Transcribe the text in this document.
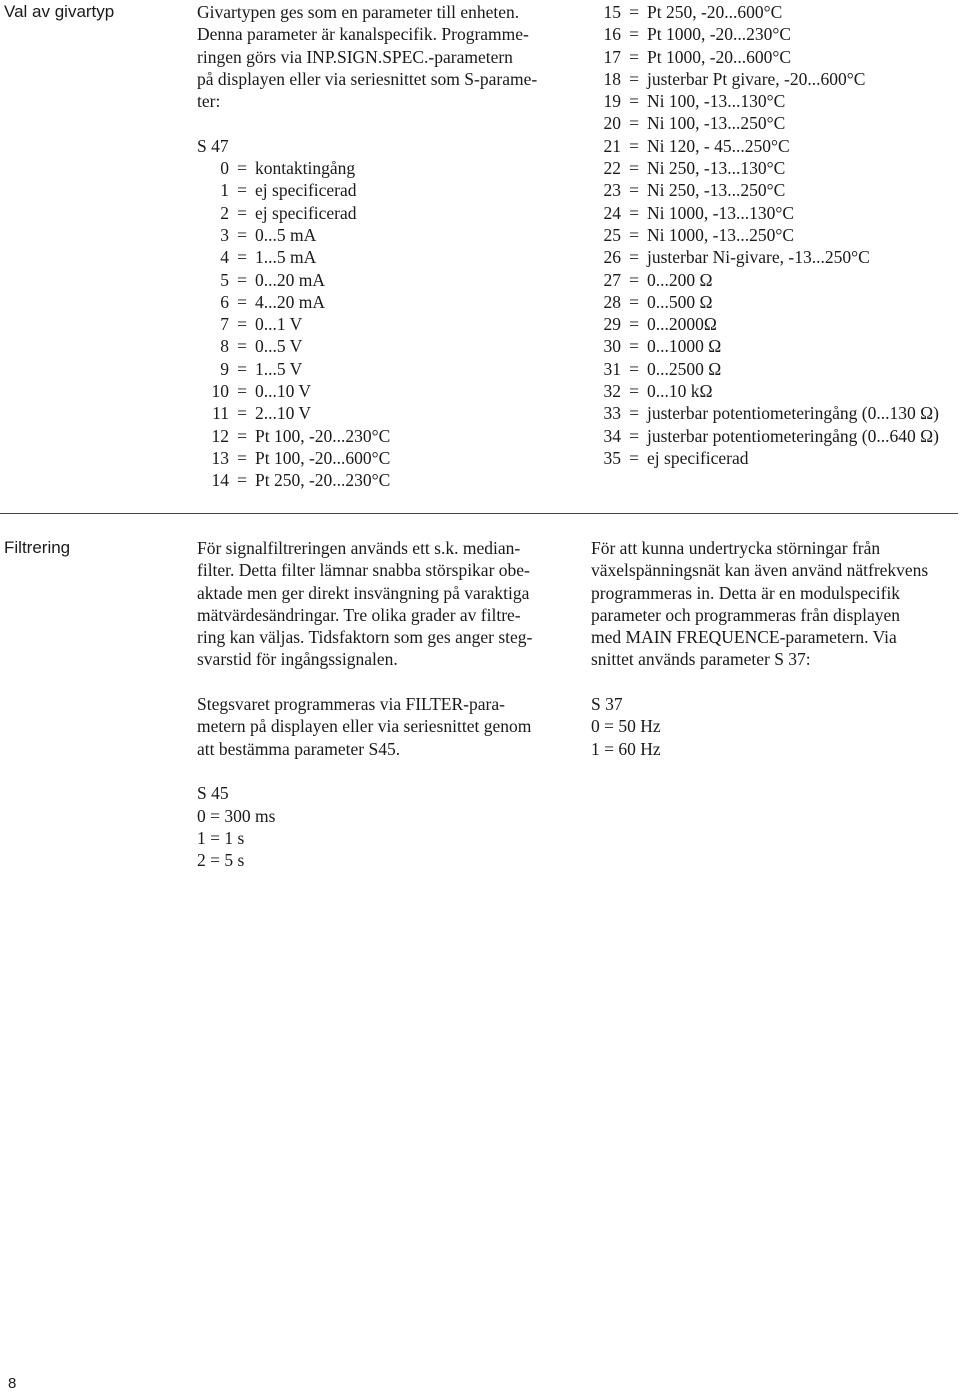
Val av givartyp	Givartypen ges som en parameter till enheten.

Denna parameter är kanalspecifik. Programme-

ringen görs via INP.SIGN.SPEC.-parametern

på displayen eller via seriesnittet som S-parame-

ter:

S 47

0 = kontaktingång
1 = ej specificerad
2 = ej specificerad
3 = 0...5 mA
4 = 1...5 mA
5 = 0...20 mA
6 = 4...20 mA
7 = 0...1 V
8 = 0...5 V
9 = 1...5 V
10 = 0...10 V
11 = 2...10 V
12 = Pt 100, -20...230°C
13 = Pt 100, -20...600°C
14 = Pt 250, -20...230°C
15 = Pt 250, -20...600°C
16 = Pt 1000, -20...230°C
17 = Pt 1000, -20...600°C
18 = justerbar Pt givare, -20...600°C
19 = Ni 100, -13...130°C
20 = Ni 100, -13...250°C
21 = Ni 120, - 45...250°C
22 = Ni 250, -13...130°C
23 = Ni 250, -13...250°C
24 = Ni 1000, -13...130°C
25 = Ni 1000, -13...250°C
26 = justerbar Ni-givare, -13...250°C
27 = 0...200 Ω
28 = 0...500 Ω
29 = 0...2000Ω
30 = 0...1000 Ω
31 = 0...2500 Ω
32 = 0...10 kΩ
33 = justerbar potentiometeringång (0...130 Ω)
34 = justerbar potentiometeringång (0...640 Ω)
35 = ej specificerad
Filtrering	För signalfiltreringen används ett s.k. median-

filter. Detta filter lämnar snabba störspikar obe-

aktade men ger direkt insvängning på varaktiga

mätvärdesändringar. Tre olika grader av filtre-

ring kan väljas. Tidsfaktorn som ges anger steg-

svarstid för ingångssignalen.

Stegsvaret programmeras via FILTER-para-

metern på displayen eller via seriesnittet genom

att bestämma parameter S45.

S 45

0 = 300 ms

1 = 1 s

2 = 5 s

För att kunna undertrycka störningar från

växelspänningsnät kan även använd nätfrekvens

programmeras in. Detta är en modulspecifik

parameter och programmeras från displayen

med MAIN FREQUENCE-parametern. Via

snittet används parameter S 37:

S 37

0 = 50 Hz

1 = 60 Hz

8
